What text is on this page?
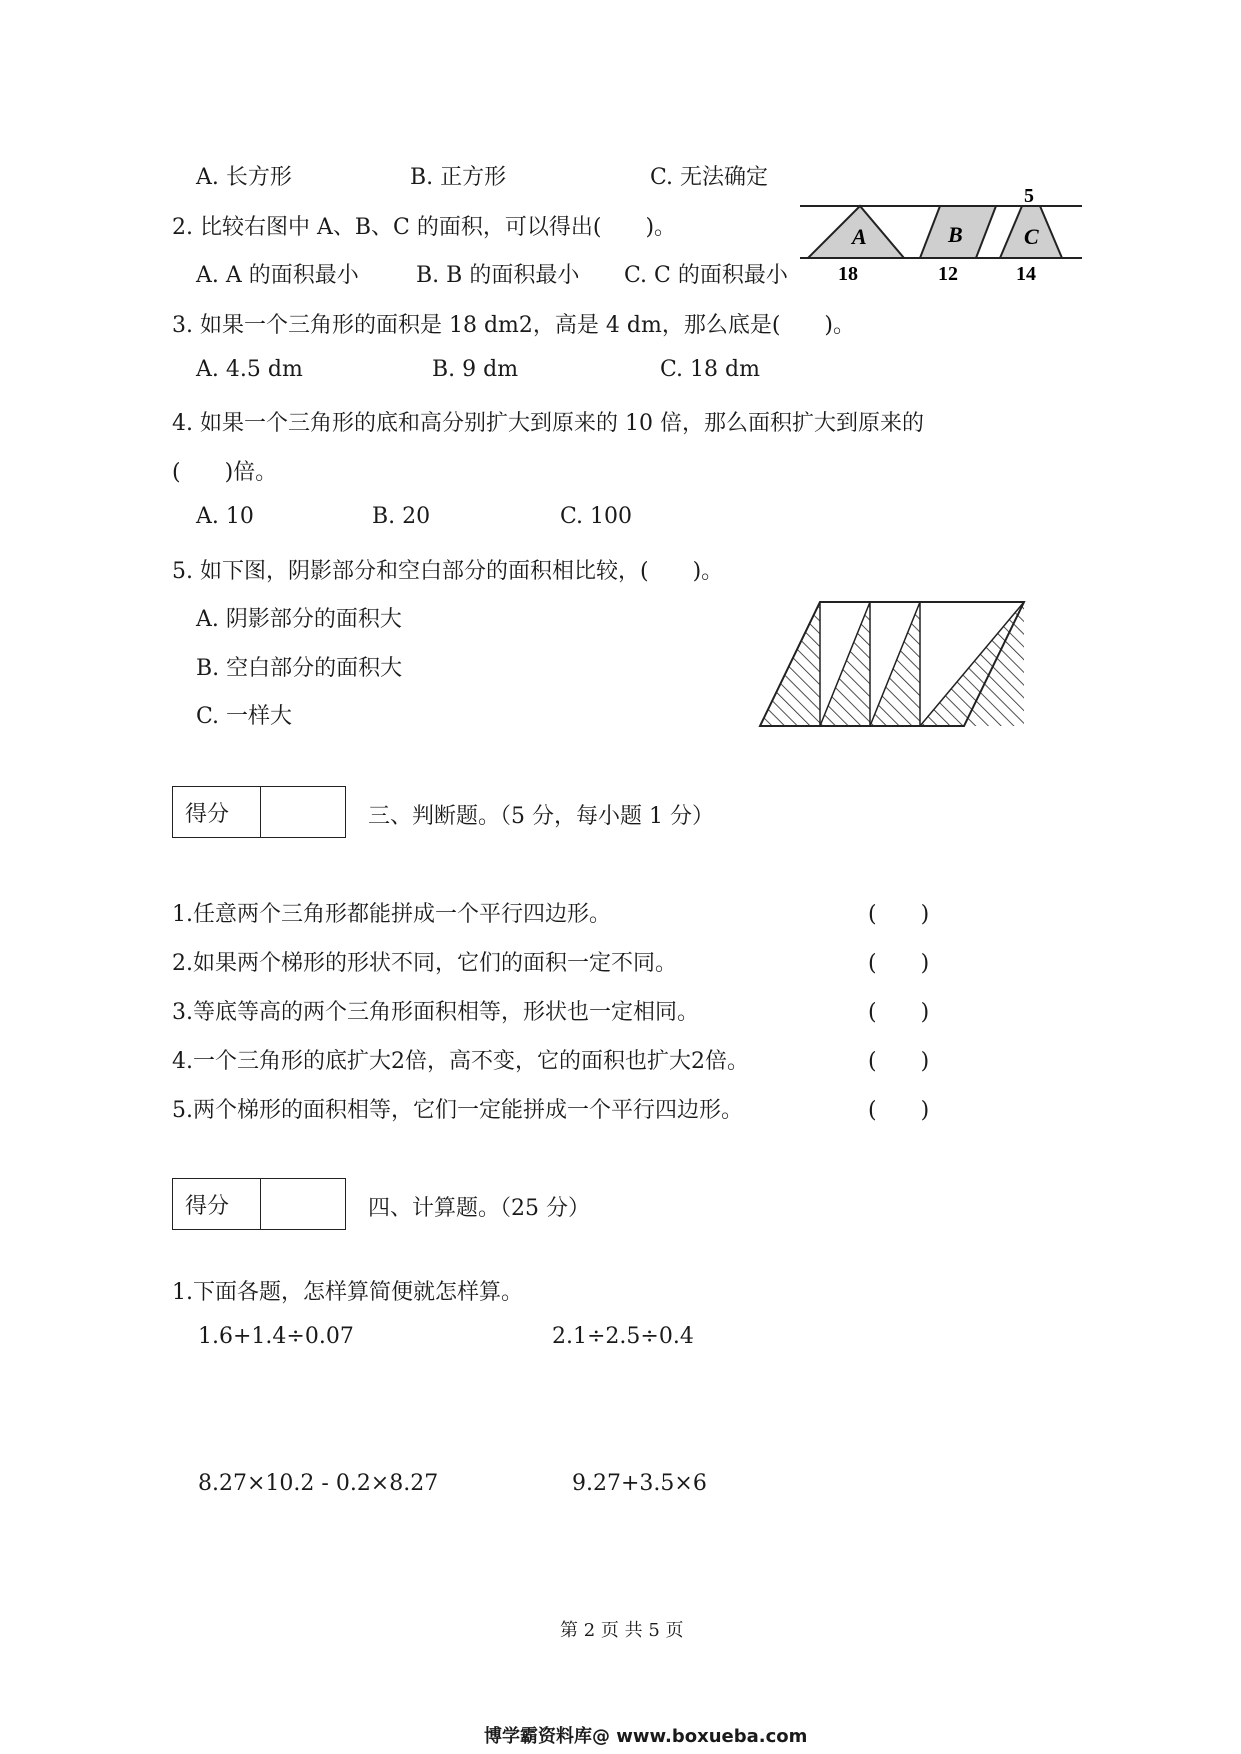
A. 长方形	B. 正方形	C. 无法确定
2. 比较右图中 A、B、C 的面积，可以得出(　　)。
A. A 的面积最小	B. B 的面积最小 C. C 的面积最小
A	B	C
5
18	12	14
3. 如果一个三角形的面积是 18 dm2，高是 4 dm，那么底是(　　)。
A. 4.5 dm	B. 9 dm	C. 18 dm
4. 如果一个三角形的底和高分别扩大到原来的 10 倍，那么面积扩大到原来的
(　　)倍。
A. 10	B. 20	C. 100
5. 如下图，阴影部分和空白部分的面积相比较，(　　)。
A. 阴影部分的面积大
B. 空白部分的面积大
C. 一样大
得分	三、判断题。（5 分，每小题 1 分）
1.任意两个三角形都能拼成一个平行四边形。	(　　)
2.如果两个梯形的形状不同，它们的面积一定不同。	(　　)
3.等底等高的两个三角形面积相等，形状也一定相同。	(　　)
4.一个三角形的底扩大2倍，高不变，它的面积也扩大2倍。	(　　)
5.两个梯形的面积相等，它们一定能拼成一个平行四边形。	(　　)
得分	四、计算题。（25 分）
1.下面各题，怎样算简便就怎样算。
1.6+1.4÷0.07	2.1÷2.5÷0.4
8.27×10.2 - 0.2×8.27	9.27+3.5×6
第 2 页 共 5 页
博学霸资料库@ www.boxueba.com
